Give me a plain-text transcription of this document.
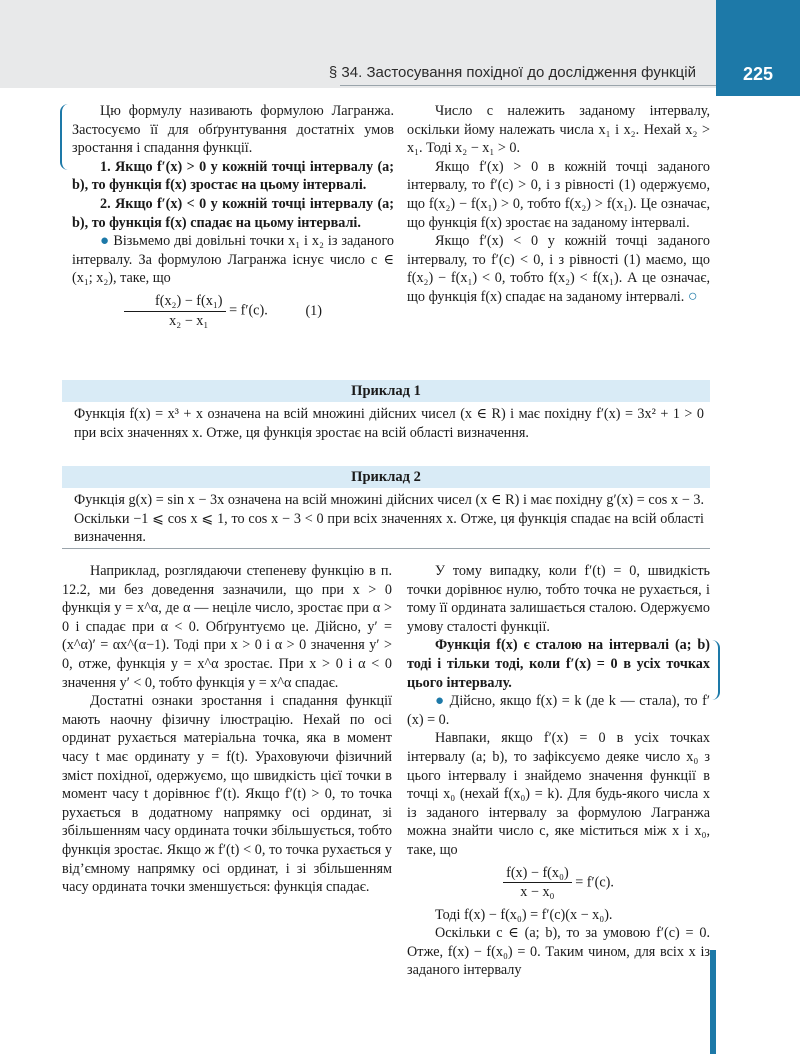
§ 34. Застосування похідної до дослідження функцій	225

Цю формулу називають формулою Лагранжа. Застосуємо її для обґрунтування достатніх умов зростання і спадання функції.

1. Якщо f′(x) > 0 у кожній точці інтервалу (a; b), то функція f(x) зростає на цьому інтервалі.

2. Якщо f′(x) < 0 у кожній точці інтервалу (a; b), то функція f(x) спадає на цьому інтервалі.

● Візьмемо дві довільні точки x₁ і x₂ із заданого інтервалу. За формулою Лагранжа існує число c ∈ (x₁; x₂), таке, що

$\frac{\text{f(x₂) − f(x₁)}}{\text{x₂ − x₁}} = f'(c)$.	(1)

Число c належить заданому інтервалу, оскільки йому належать числа x₁ і x₂. Нехай x₂ > x₁. Тоді x₂ − x₁ > 0.

Якщо f′(x) > 0 в кожній точці заданого інтервалу, то f′(c) > 0, і з рівності (1) одержуємо, що f(x₂) − f(x₁) > 0, тобто f(x₂) > f(x₁). Це означає, що функція f(x) зростає на заданому інтервалі.

Якщо f′(x) < 0 у кожній точці заданого інтервалу, то f′(c) < 0, і з рівності (1) маємо, що f(x₂) − f(x₁) < 0, тобто f(x₂) < f(x₁). А це означає, що функція f(x) спадає на заданому інтервалі. ○

Приклад 1
Функція f(x) = x³ + x означена на всій множині дійсних чисел (x ∈ R) і має похідну f′(x) = 3x² + 1 > 0 при всіх значеннях x. Отже, ця функція зростає на всій області визначення.
Приклад 2
Функція g(x) = sin x − 3x означена на всій множині дійсних чисел (x ∈ R) і має похідну g′(x) = cos x − 3. Оскільки −1 ⩽ cos x ⩽ 1, то cos x − 3 < 0 при всіх значеннях x. Отже, ця функція спадає на всій області визначення.

Наприклад, розглядаючи степеневу функцію в п. 12.2, ми без доведення зазначили, що при x > 0 функція y = x^α, де α — неціле число, зростає при α > 0 і спадає при α < 0. Обґрунтуємо це. Дійсно, y′ = (x^α)′ = αx^(α−1). Тоді при x > 0 і α > 0 значення y′ > 0, отже, функція y = x^α зростає. При x > 0 і α < 0 значення y′ < 0, тобто функція y = x^α спадає.

Достатні ознаки зростання і спадання функції мають наочну фізичну ілюстрацію. Нехай по осі ординат рухається матеріальна точка, яка в момент часу t має ординату y = f(t). Ураховуючи фізичний зміст похідної, одержуємо, що швидкість цієї точки в момент часу t дорівнює f′(t). Якщо f′(t) > 0, то точка рухається в додатному напрямку осі ординат, зі збільшенням часу ордината точки збільшується, тобто функція зростає. Якщо ж f′(t) < 0, то точка рухається у від’ємному напрямку осі ординат, і зі збільшенням часу ордината точки зменшується: функція спадає.

У тому випадку, коли f′(t) = 0, швидкість точки дорівнює нулю, тобто точка не рухається, і тому її ордината залишається сталою. Одержуємо умову сталості функції.

Функція f(x) є сталою на інтервалі (a; b) тоді і тільки тоді, коли f′(x) = 0 в усіх точках цього інтервалу.

● Дійсно, якщо f(x) = k (де k — стала), то f′(x) = 0.

Навпаки, якщо f′(x) = 0 в усіх точках інтервалу (a; b), то зафіксуємо деяке число x₀ з цього інтервалу і знайдемо значення функції в точці x₀ (нехай f(x₀) = k). Для будь-якого числа x із заданого інтервалу за формулою Лагранжа можна знайти число c, яке міститься між x і x₀, таке, що

$\frac{\text{f(x) − f(x₀)}}{\text{x − x₀}} = f'(c)$.

Тоді f(x) − f(x₀) = f′(c)(x − x₀).

Оскільки c ∈ (a; b), то за умовою f′(c) = 0. Отже, f(x) − f(x₀) = 0. Таким чином, для всіх x із заданого інтервалу
